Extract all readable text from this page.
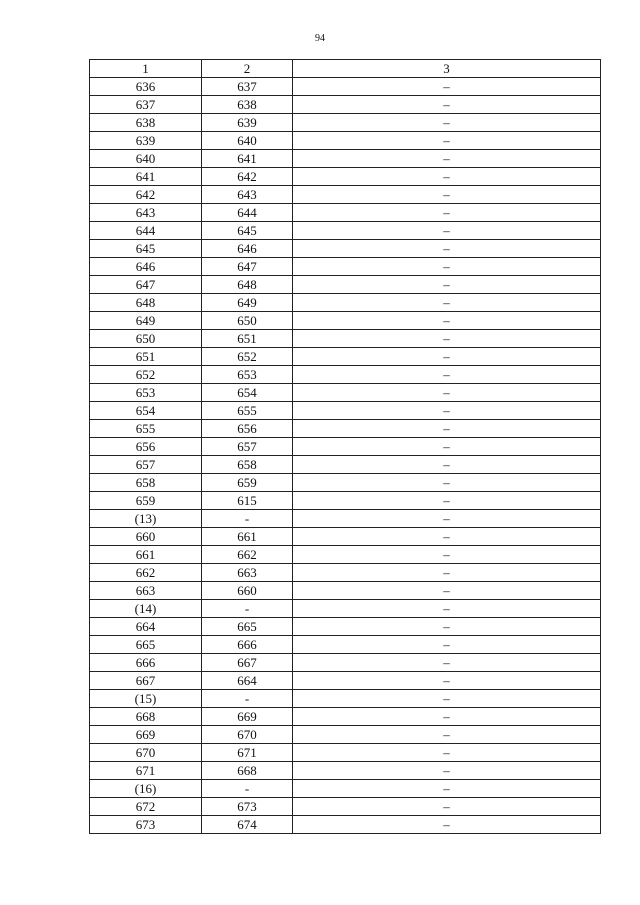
94
1	2	3
636	637	–
637	638	–
638	639	–
639	640	–
640	641	–
641	642	–
642	643	–
643	644	–
644	645	–
645	646	–
646	647	–
647	648	–
648	649	–
649	650	–
650	651	–
651	652	–
652	653	–
653	654	–
654	655	–
655	656	–
656	657	–
657	658	–
658	659	–
659	615	–
(13)	-	–
660	661	–
661	662	–
662	663	–
663	660	–
(14)	-	–
664	665	–
665	666	–
666	667	–
667	664	–
(15)	-	–
668	669	–
669	670	–
670	671	–
671	668	–
(16)	-	–
672	673	–
673	674	–
